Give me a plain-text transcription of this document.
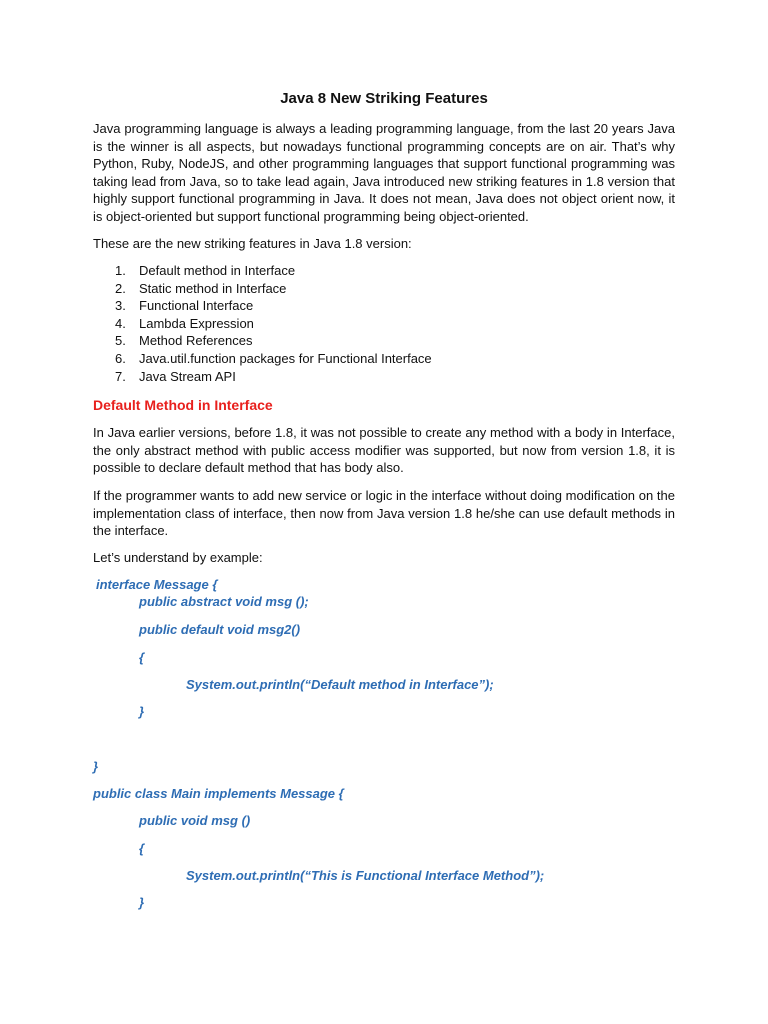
Java 8 New Striking Features

Java programming language is always a leading programming language, from the last 20 years Java is the winner is all aspects, but nowadays functional programming concepts are on air. That’s why Python, Ruby, NodeJS, and other programming languages that support functional programming was taking lead from Java, so to take lead again, Java introduced new striking features in 1.8 version that highly support functional programming in Java. It does not mean, Java does not object orient now, it is object-oriented but support functional programming being object-oriented.

These are the new striking features in Java 1.8 version:

1. Default method in Interface
2. Static method in Interface
3. Functional Interface
4. Lambda Expression
5. Method References
6. Java.util.function packages for Functional Interface
7. Java Stream API
Default Method in Interface

In Java earlier versions, before 1.8, it was not possible to create any method with a body in Interface, the only abstract method with public access modifier was supported, but now from version 1.8, it is possible to declare default method that has body also.

If the programmer wants to add new service or logic in the interface without doing modification on the implementation class of interface, then now from Java version 1.8 he/she can use default methods in the interface.

Let’s understand by example:

interface Message {
public abstract void msg ();
public default void msg2()
{
System.out.println(“Default method in Interface”);
}
}
public class Main implements Message {
public void msg ()
{
System.out.println(“This is Functional Interface Method”);
}
